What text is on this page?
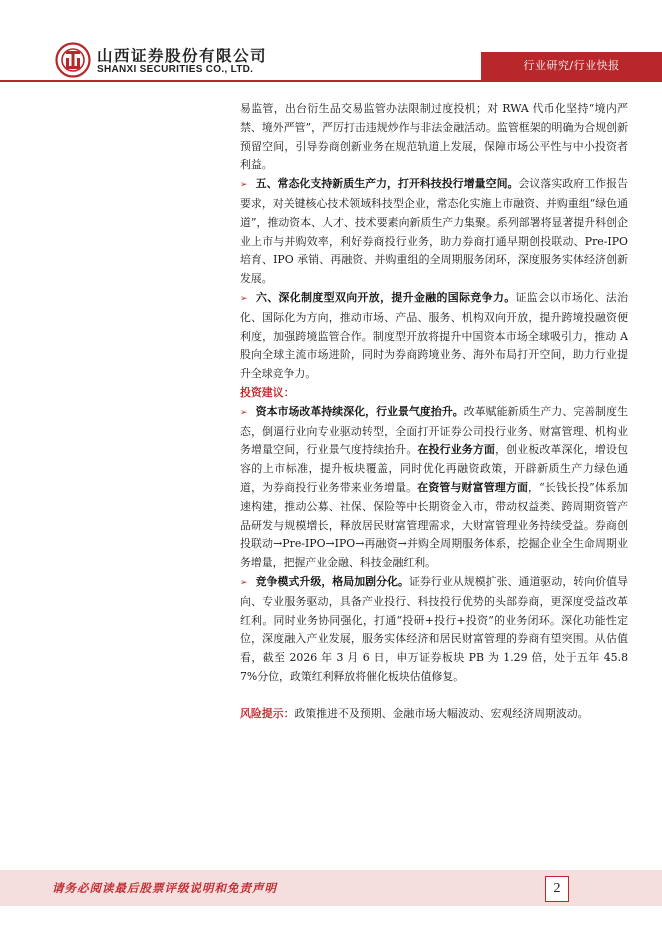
山西证券股份有限公司
SHANXI SECURITIES CO., LTD.	行业研究/行业快报

易监管，出台衍生品交易监管办法限制过度投机；对 RWA 代币化坚持“境内严禁、境外严管”，严厉打击违规炒作与非法金融活动。监管框架的明确为合规创新预留空间，引导券商创新业务在规范轨道上发展，保障市场公平性与中小投资者利益。

➢ 五、常态化支持新质生产力，打开科技投行增量空间。会议落实政府工作报告要求，对关键核心技术领域科技型企业，常态化实施上市融资、并购重组“绿色通道”，推动资本、人才、技术要素向新质生产力集聚。系列部署将显著提升科创企业上市与并购效率，利好券商投行业务，助力券商打通早期创投联动、Pre-IPO 培育、IPO 承销、再融资、并购重组的全周期服务闭环，深度服务实体经济创新发展。

➢ 六、深化制度型双向开放，提升金融的国际竞争力。证监会以市场化、法治化、国际化为方向，推动市场、产品、服务、机构双向开放，提升跨境投融资便利度，加强跨境监管合作。制度型开放将提升中国资本市场全球吸引力，推动 A 股向全球主流市场进阶，同时为券商跨境业务、海外布局打开空间，助力行业提升全球竞争力。

投资建议：

➢ 资本市场改革持续深化，行业景气度抬升。改革赋能新质生产力、完善制度生态，倒逼行业向专业驱动转型，全面打开证券公司投行业务、财富管理、机构业务增量空间，行业景气度持续抬升。在投行业务方面，创业板改革深化，增设包容的上市标准，提升板块覆盖，同时优化再融资政策，开辟新质生产力绿色通道，为券商投行业务带来业务增量。在资管与财富管理方面，“长钱长投”体系加速构建，推动公募、社保、保险等中长期资金入市，带动权益类、跨周期资管产品研发与规模增长，释放居民财富管理需求，大财富管理业务持续受益。券商创投联动→Pre-IPO→IPO→再融资→并购全周期服务体系，挖掘企业全生命周期业务增量，把握产业金融、科技金融红利。

➢ 竞争模式升级，格局加剧分化。证券行业从规模扩张、通道驱动，转向价值导向、专业服务驱动，具备产业投行、科技投行优势的头部券商，更深度受益改革红利。同时业务协同强化，打通“投研+投行+投资”的业务闭环。深化功能性定位，深度融入产业发展，服务实体经济和居民财富管理的券商有望突围。从估值看，截至 2026 年 3 月 6 日，申万证券板块 PB 为 1.29 倍，处于五年 45.87%分位，政策红利释放将催化板块估值修复。

风险提示：政策推进不及预期、金融市场大幅波动、宏观经济周期波动。

请务必阅读最后股票评级说明和免责声明	2
